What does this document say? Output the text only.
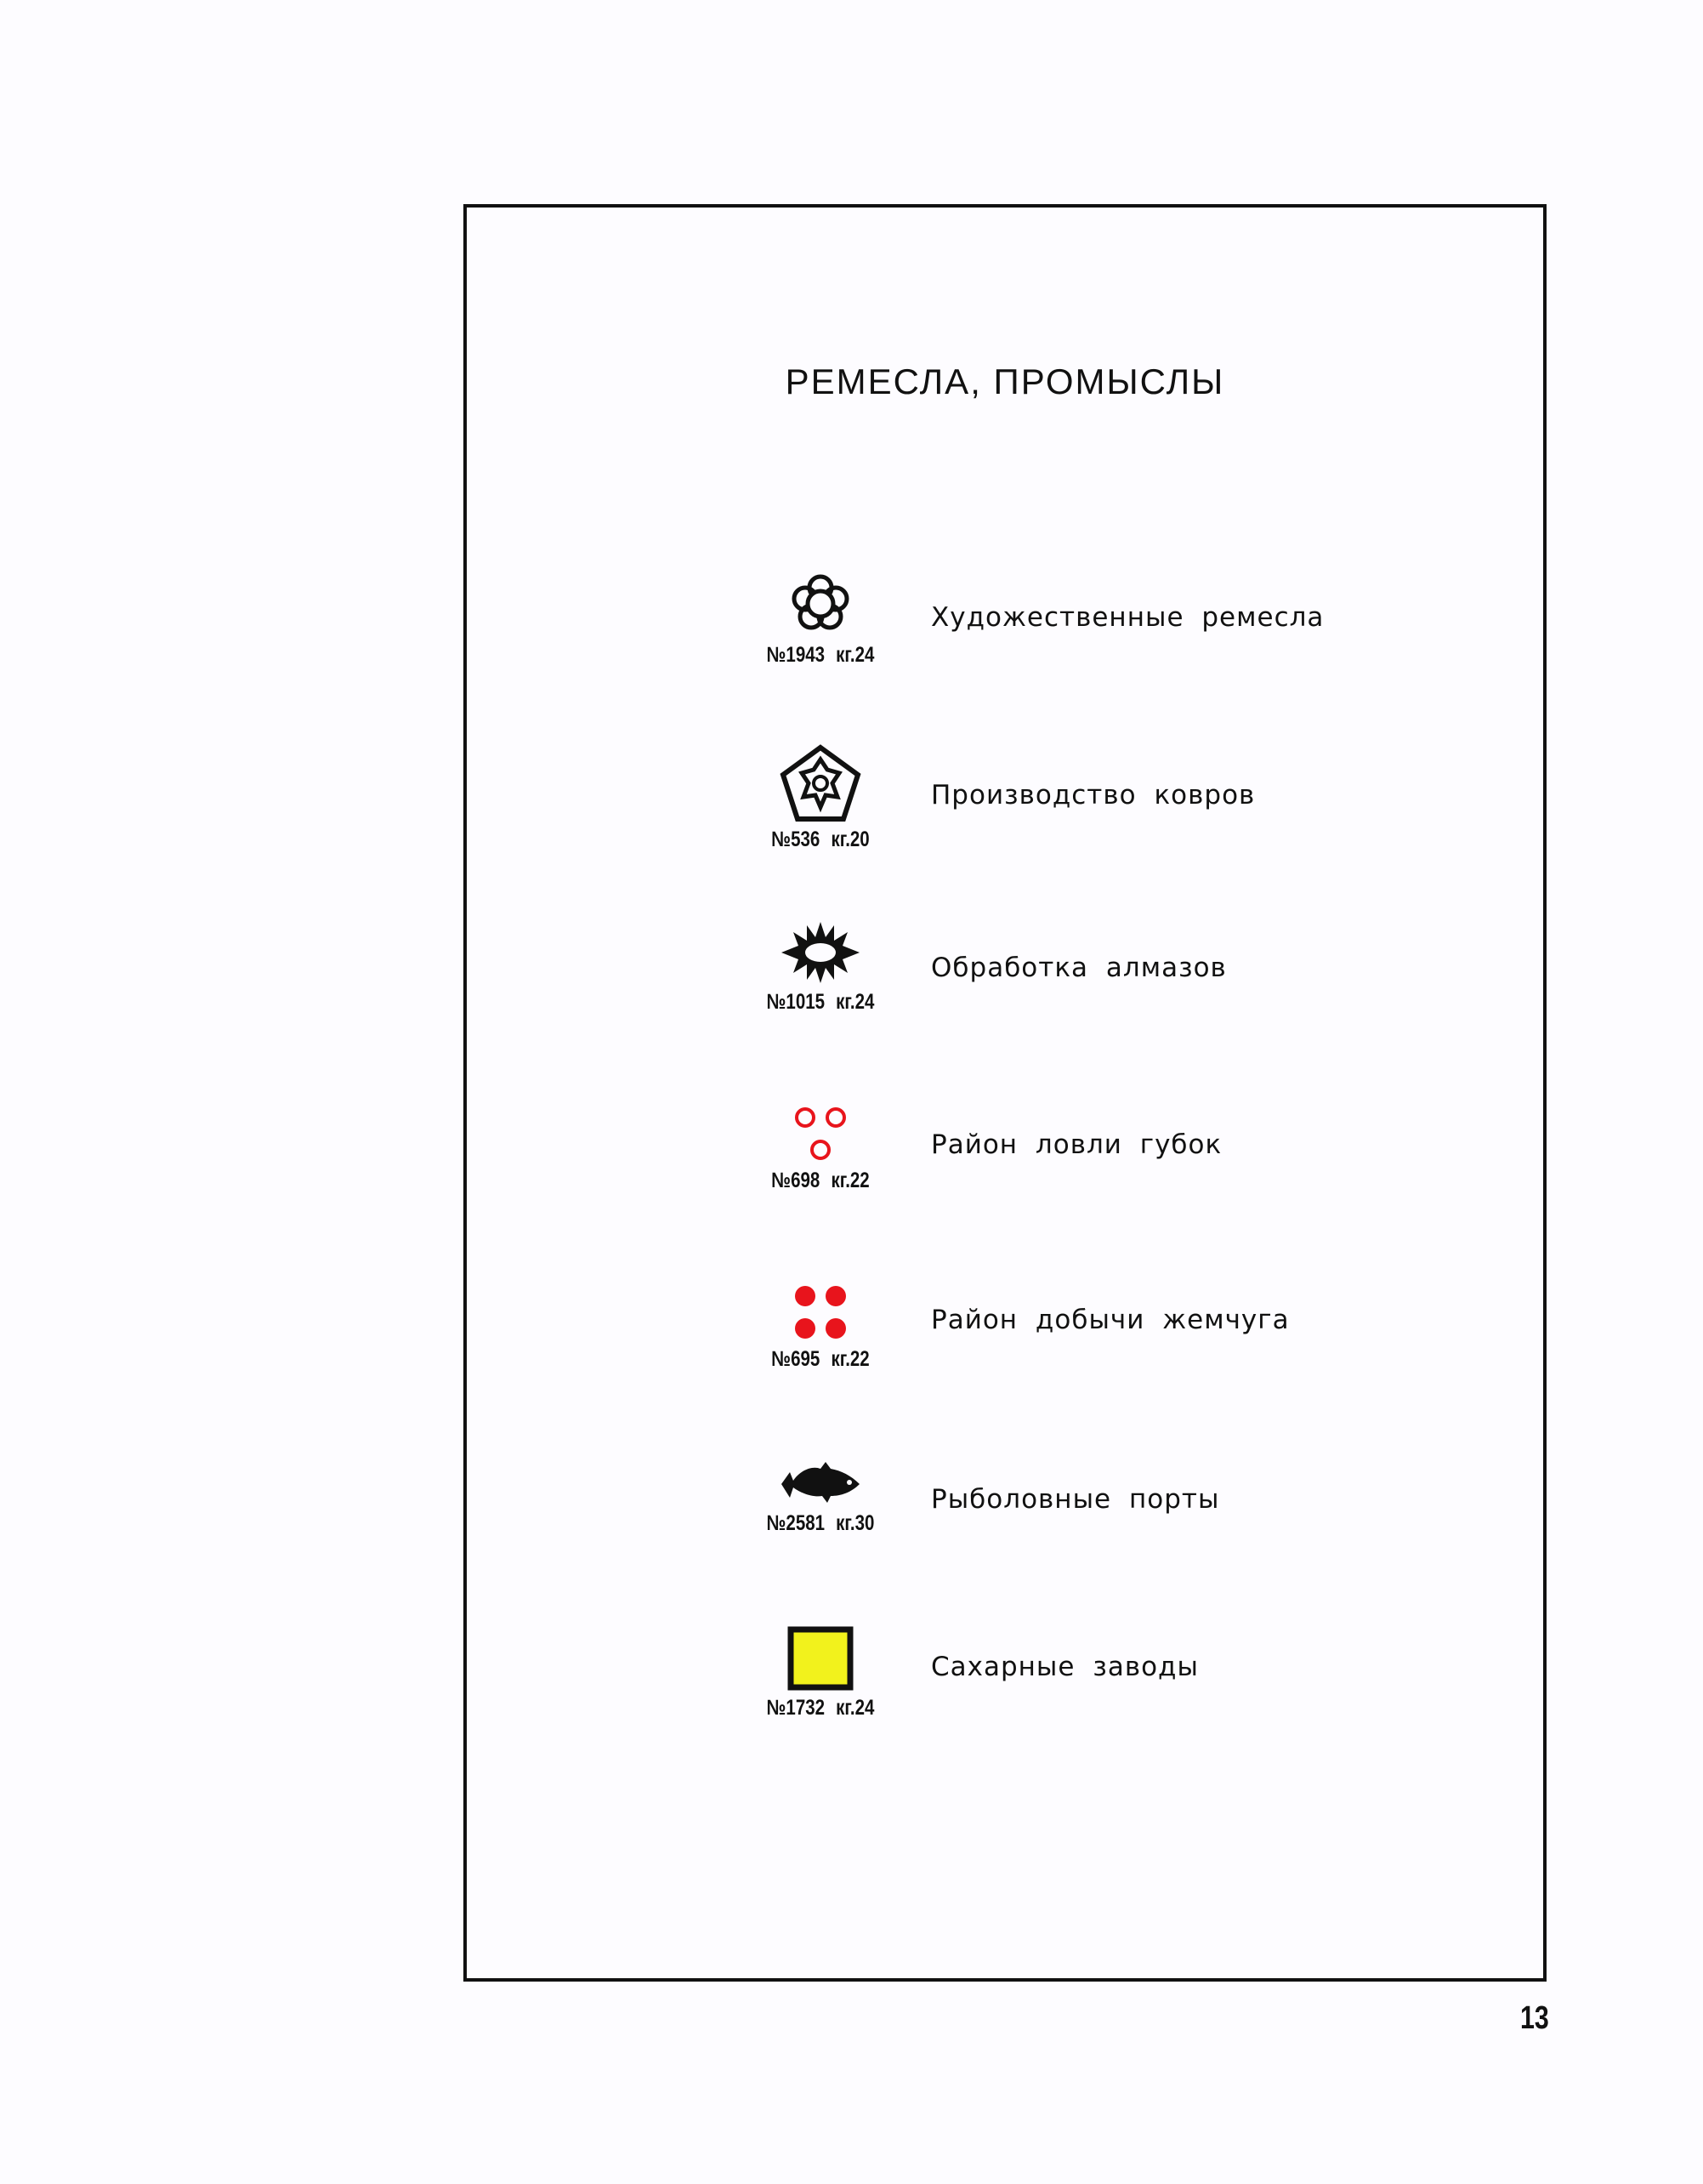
РЕМЕСЛА, ПРОМЫСЛЫ
№1943 кг.24
Художественные ремесла
№536 кг.20
Производство ковров
№1015 кг.24
Обработка алмазов
№698 кг.22
Район ловли губок
№695 кг.22
Район добычи жемчуга
№2581 кг.30
Рыболовные порты
№1732 кг.24
Сахарные заводы
13
